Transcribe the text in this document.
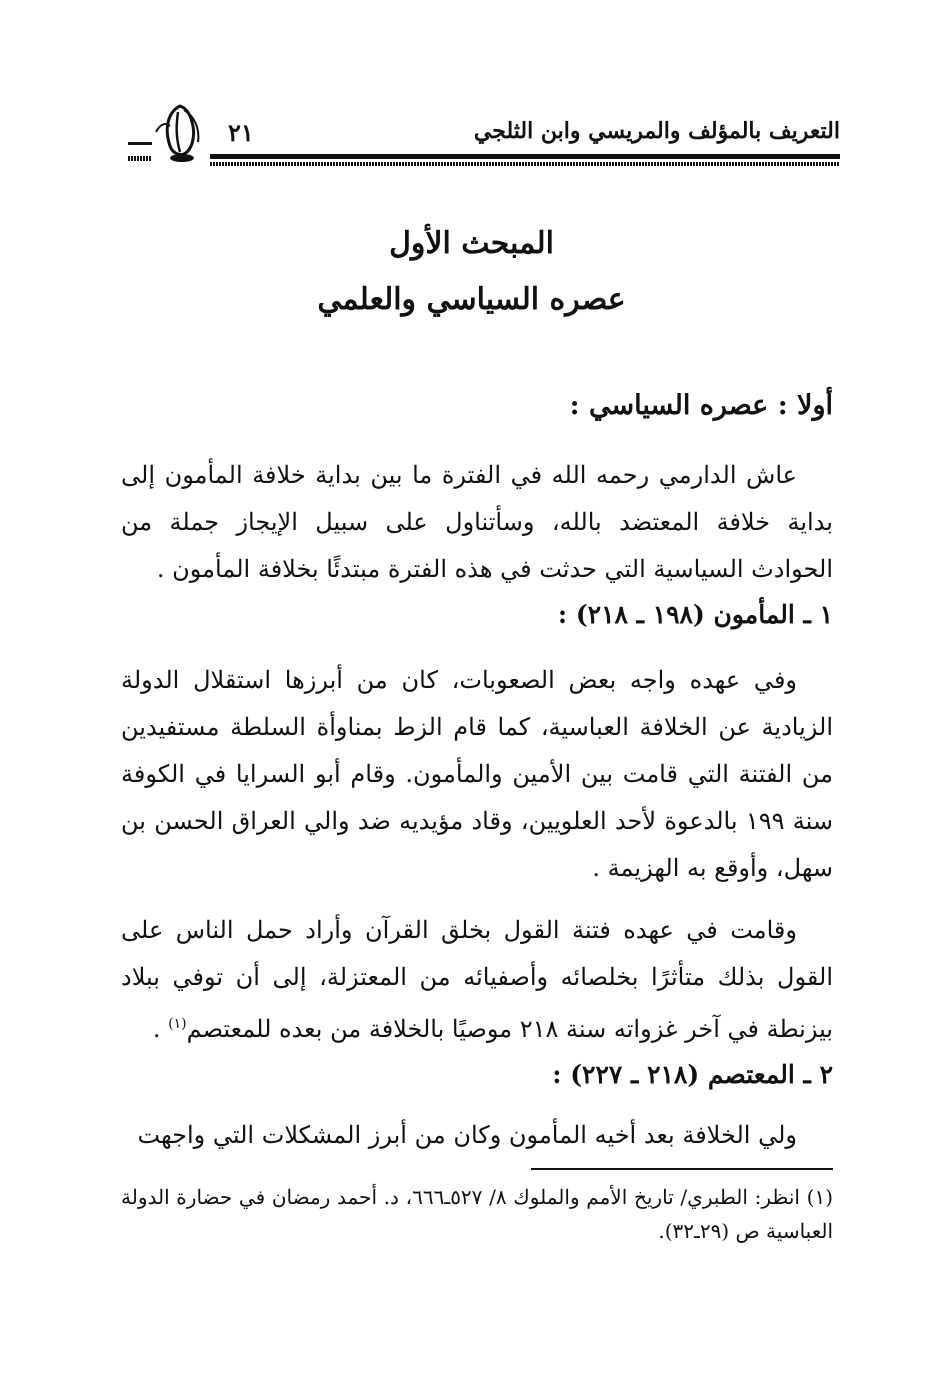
التعريف بالمؤلف والمريسي وابن الثلجي
٢١
المبحث الأول
عصره السياسي والعلمي
أولا : عصره السياسي :

عاش الدارمي رحمه الله في الفترة ما بين بداية خلافة المأمون إلى بداية خلافة المعتضد بالله، وسأتناول على سبيل الإيجاز جملة من الحوادث السياسية التي حدثت في هذه الفترة مبتدئًا بخلافة المأمون .

١ ـ المأمون (١٩٨ ـ ٢١٨) :

وفي عهده واجه بعض الصعوبات، كان من أبرزها استقلال الدولة الزيادية عن الخلافة العباسية، كما قام الزط بمناوأة السلطة مستفيدين من الفتنة التي قامت بين الأمين والمأمون. وقام أبو السرايا في الكوفة سنة ١٩٩ بالدعوة لأحد العلويين، وقاد مؤيديه ضد والي العراق الحسن بن سهل، وأوقع به الهزيمة .

وقامت في عهده فتنة القول بخلق القرآن وأراد حمل الناس على القول بذلك متأثرًا بخلصائه وأصفيائه من المعتزلة، إلى أن توفي ببلاد بيزنطة في آخر غزواته سنة ٢١٨ موصيًا بالخلافة من بعده للمعتصم$^{(١)}$ .

٢ ـ المعتصم (٢١٨ ـ ٢٢٧) :

ولي الخلافة بعد أخيه المأمون وكان من أبرز المشكلات التي واجهت

(١) انظر: الطبري/ تاريخ الأمم والملوك ٨/ ٥٢٧ـ٦٦٦، د. أحمد رمضان في حضارة الدولة العباسية ص (٢٩ـ٣٢).
